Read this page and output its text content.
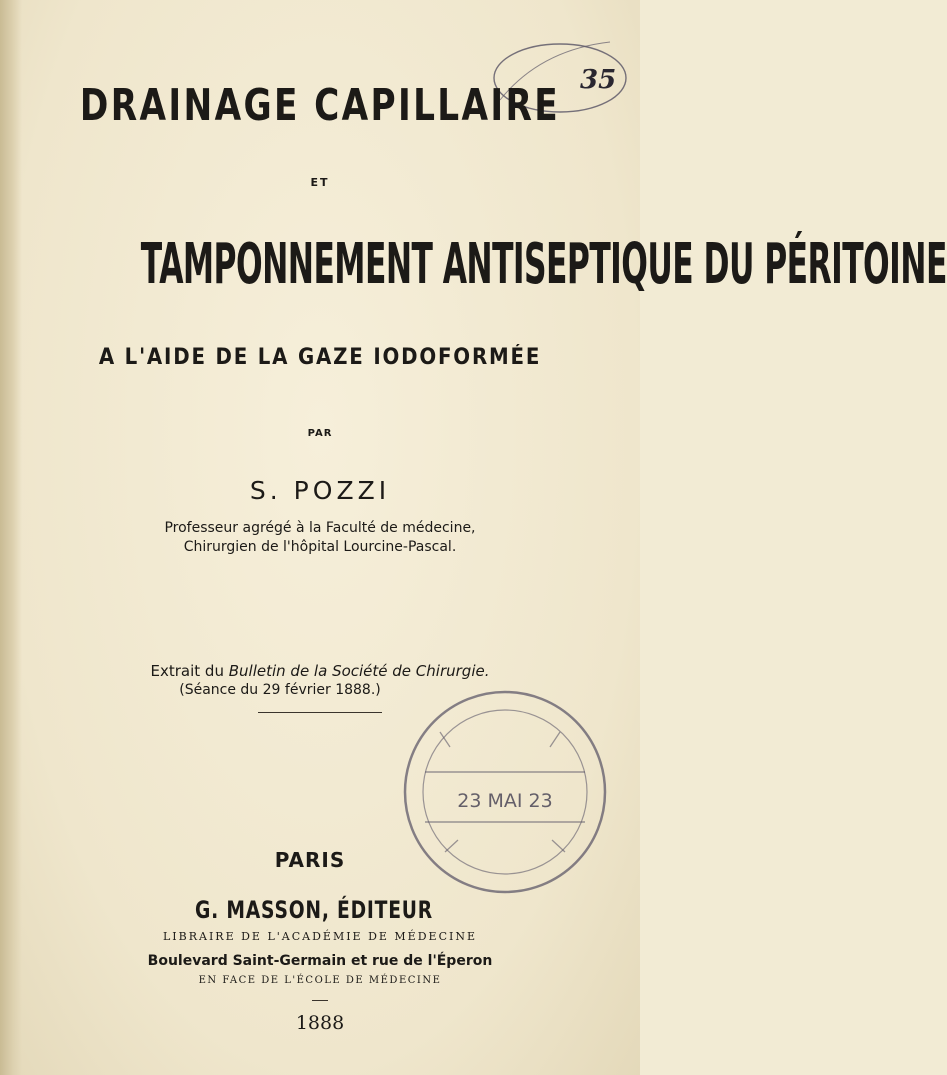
35
23 MAI 23

DRAINAGE CAPILLAIRE

ET

TAMPONNEMENT ANTISEPTIQUE DU PÉRITOINE

A L'AIDE DE LA GAZE IODOFORMÉE

PAR

S. POZZI

Professeur agrégé à la Faculté de médecine,

Chirurgien de l'hôpital Lourcine-Pascal.

Extrait du Bulletin de la Société de Chirurgie.

(Séance du 29 février 1888.)

PARIS

G. MASSON, ÉDITEUR

LIBRAIRE DE L'ACADÉMIE DE MÉDECINE

Boulevard Saint-Germain et rue de l'Éperon

EN FACE DE L'ÉCOLE DE MÉDECINE

1888
